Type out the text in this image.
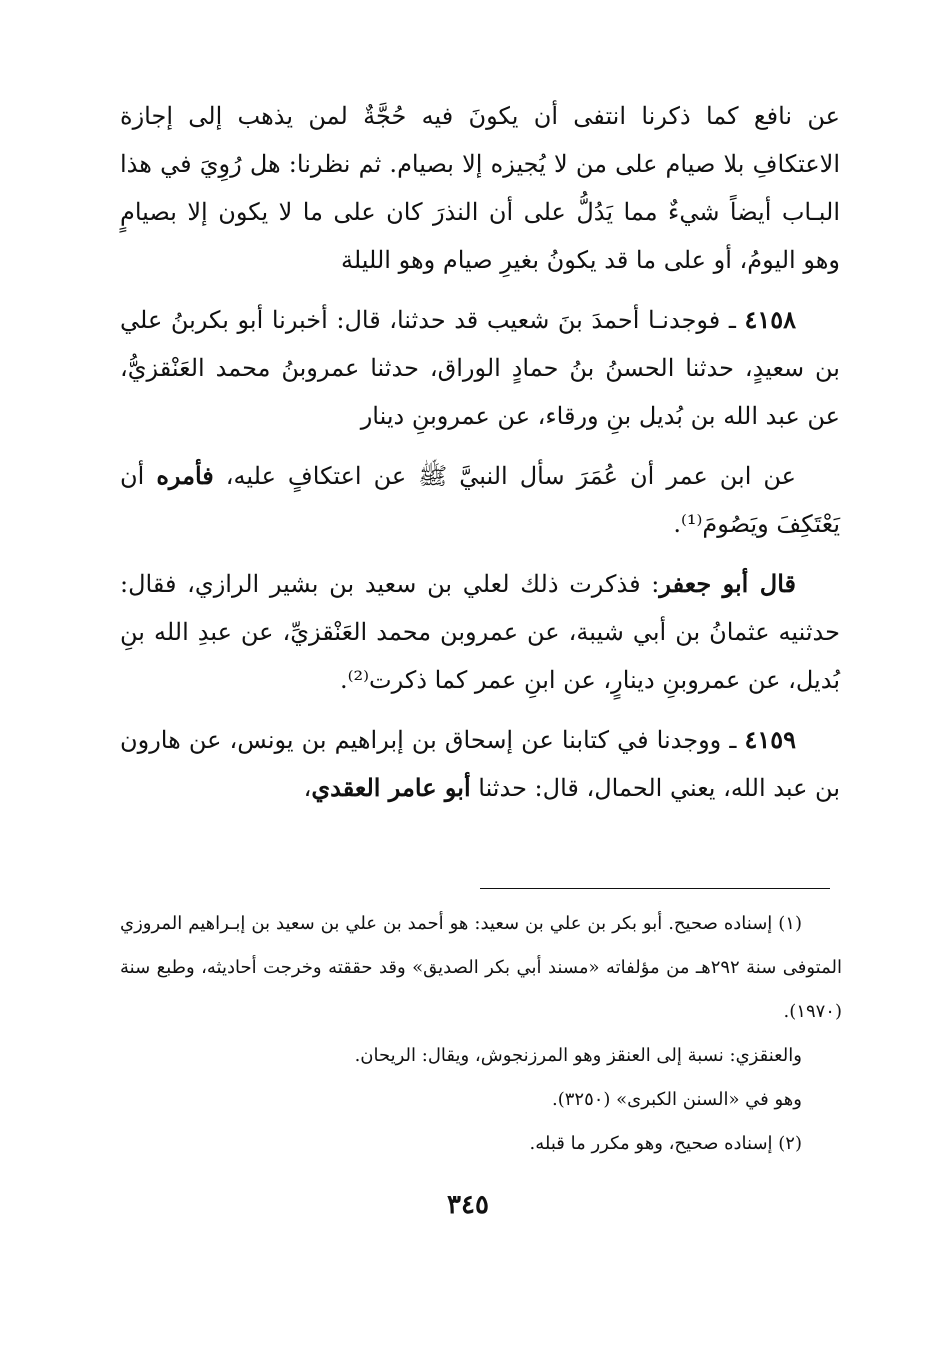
عن نافع كما ذكرنا انتفى أن يكونَ فيه حُجَّةٌ لمن يذهب إلى إجازة الاعتكافِ بلا صيام على من لا يُجيزه إلا بصيام. ثم نظرنا: هل رُوِيَ في هذا البـاب أيضاً شيءٌ مما يَدُلُّ على أن النذرَ كان على ما لا يكون إلا بصيامٍ وهو اليومُ، أو على ما قد يكونُ بغيرِ صيام وهو الليلة

٤١٥٨ ـ فوجدنـا أحمدَ بنَ شعيب قد حدثنا، قال: أخبرنا أبو بكربنُ علي بن سعيدٍ، حدثنا الحسنُ بنُ حمادٍ الوراق، حدثنا عمروبنُ محمد العَنْقزيُّ، عن عبد الله بن بُديل بنِ ورقاء، عن عمروبنِ دينار

عن ابن عمر أن عُمَرَ سأل النبيَّ ﷺ عن اعتكافٍ عليه، فأمره أن يَعْتَكِفَ ويَصُومَ⁽¹⁾.

قال أبو جعفر: فذكرت ذلك لعلي بن سعيد بن بشير الرازي، فقال: حدثنيه عثمانُ بن أبي شيبة، عن عمروبن محمد العَنْقزيِّ، عن عبدِ الله بنِ بُديل، عن عمروبنِ دينارٍ، عن ابنِ عمر كما ذكرت⁽²⁾.

٤١٥٩ ـ ووجدنا في كتابنا عن إسحاق بن إبراهيم بن يونس، عن هارون بن عبد الله، يعني الحمال، قال: حدثنا أبو عامر العقدي،

(١) إسناده صحيح. أبو بكر بن علي بن سعيد: هو أحمد بن علي بن سعيد بن إبـراهيم المروزي المتوفى سنة ٢٩٢هـ من مؤلفاته «مسند أبي بكر الصديق» وقد حققته وخرجت أحاديثه، وطبع سنة (١٩٧٠).

والعنقزي: نسبة إلى العنقز وهو المرزنجوش، ويقال: الريحان.

وهو في «السنن الكبرى» (٣٢٥٠).

(٢) إسناده صحيح، وهو مكرر ما قبله.

٣٤٥
